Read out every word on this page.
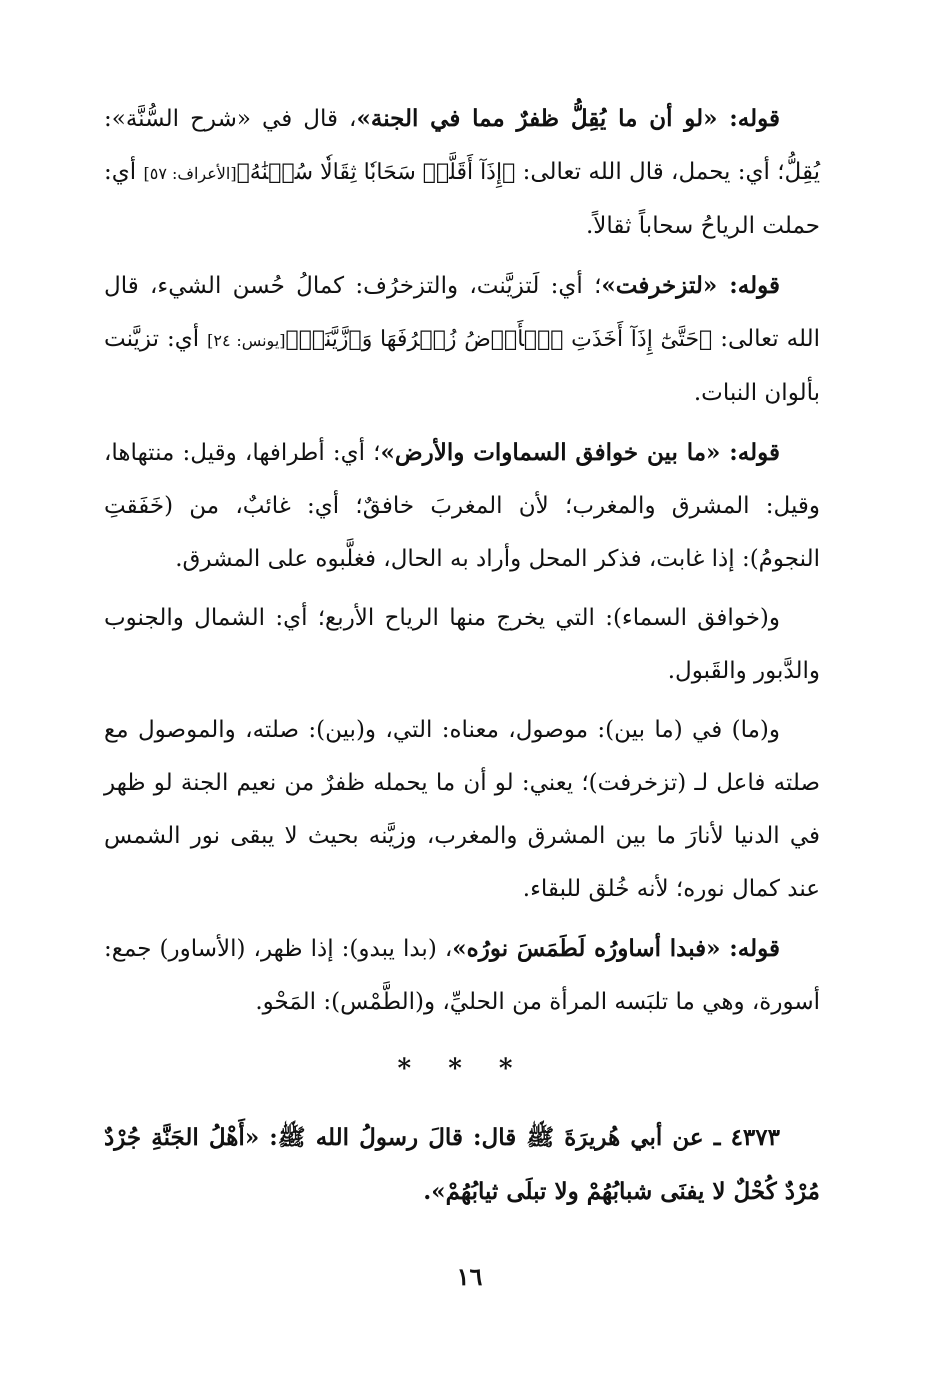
قوله: «لو أن ما يُقِلُّ ظفرٌ مما في الجنة»، قال في «شرح السُّنَّة»: يُقِلُّ؛ أي: يحمل، قال الله تعالى: ﴿إِذَآ أَقَلَّتۡ سَحَابٗا ثِقَالٗا سُقۡنَٰهُ﴾[الأعراف: ٥٧] أي: حملت الرياحُ سحاباً ثقالاً.

قوله: «لتزخرفت»؛ أي: لَتزيَّنت، والتزخرُف: كمالُ حُسن الشيء، قال الله تعالى: ﴿حَتَّىٰٓ إِذَآ أَخَذَتِ ٱلۡأَرۡضُ زُخۡرُفَهَا وَٱزَّيَّنَتۡ﴾[يونس: ٢٤] أي: تزيَّنت بألوان النبات.

قوله: «ما بين خوافق السماوات والأرض»؛ أي: أطرافها، وقيل: منتهاها، وقيل: المشرق والمغرب؛ لأن المغربَ خافقٌ؛ أي: غائبٌ، من (خَفَقتِ النجومُ): إذا غابت، فذكر المحل وأراد به الحال، فغلَّبوه على المشرق.

و(خوافق السماء): التي يخرج منها الرياح الأربع؛ أي: الشمال والجنوب والدَّبور والقَبول.

و(ما) في (ما بين): موصول، معناه: التي، و(بين): صلته، والموصول مع صلته فاعل لـ (تزخرفت)؛ يعني: لو أن ما يحمله ظفرٌ من نعيم الجنة لو ظهر في الدنيا لأنارَ ما بين المشرق والمغرب، وزيَّنه بحيث لا يبقى نور الشمس عند كمال نوره؛ لأنه خُلق للبقاء.

قوله: «فبدا أساورُه لَطَمَسَ نورُه»، (بدا يبدو): إذا ظهر، (الأساور) جمع: أسورة، وهي ما تلبَسه المرأة من الحليِّ، و(الطَّمْس): المَحْو.

* * *

٤٣٧٣ ـ عن أبي هُريرَةَ ﷺ قال: قالَ رسولُ الله ﷺ: «أَهْلُ الجَنَّةِ جُرْدٌ مُرْدٌ كُحْلٌ لا يفنَى شبابُهُمْ ولا تبلَى ثيابُهُمْ».

١٦
